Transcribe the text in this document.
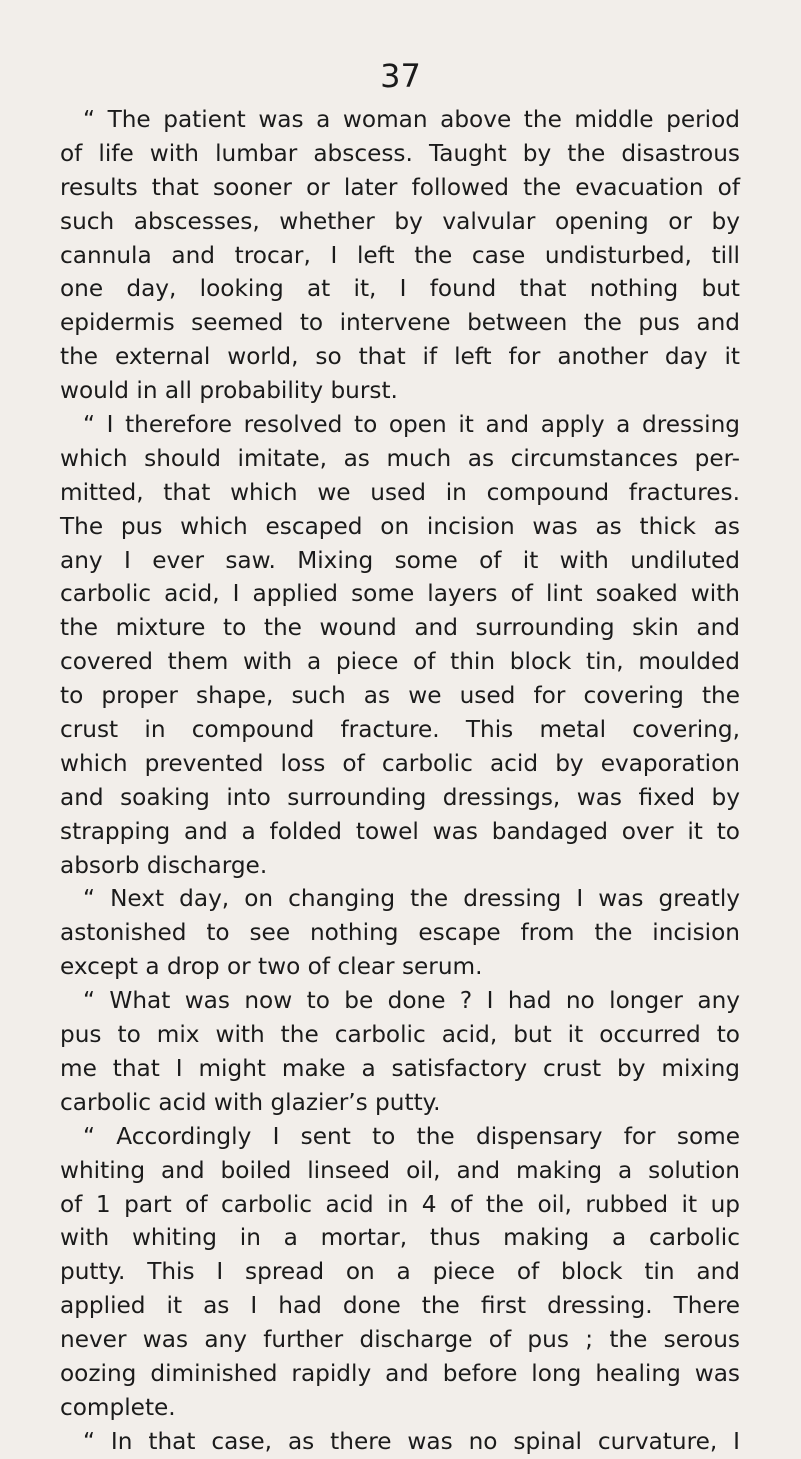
37
“ The patient was a woman above the middle period
of life with lumbar abscess. Taught by the disastrous
results that sooner or later followed the evacuation of
such abscesses, whether by valvular opening or by
cannula and trocar, I left the case undisturbed, till
one day, looking at it, I found that nothing but
epidermis seemed to intervene between the pus and
the external world, so that if left for another day it
would in all probability burst.
“ I therefore resolved to open it and apply a dressing
which should imitate, as much as circumstances per-
mitted, that which we used in compound fractures.
The pus which escaped on incision was as thick as
any I ever saw. Mixing some of it with undiluted
carbolic acid, I applied some layers of lint soaked with
the mixture to the wound and surrounding skin and
covered them with a piece of thin block tin, moulded
to proper shape, such as we used for covering the
crust in compound fracture. This metal covering,
which prevented loss of carbolic acid by evaporation
and soaking into surrounding dressings, was fixed by
strapping and a folded towel was bandaged over it to
absorb discharge.
“ Next day, on changing the dressing I was greatly
astonished to see nothing escape from the incision
except a drop or two of clear serum.
“ What was now to be done ? I had no longer any
pus to mix with the carbolic acid, but it occurred to
me that I might make a satisfactory crust by mixing
carbolic acid with glazier’s putty.
“ Accordingly I sent to the dispensary for some
whiting and boiled linseed oil, and making a solution
of 1 part of carbolic acid in 4 of the oil, rubbed it up
with whiting in a mortar, thus making a carbolic
putty. This I spread on a piece of block tin and
applied it as I had done the first dressing. There
never was any further discharge of pus ; the serous
oozing diminished rapidly and before long healing was
complete.
“ In that case, as there was no spinal curvature, I
